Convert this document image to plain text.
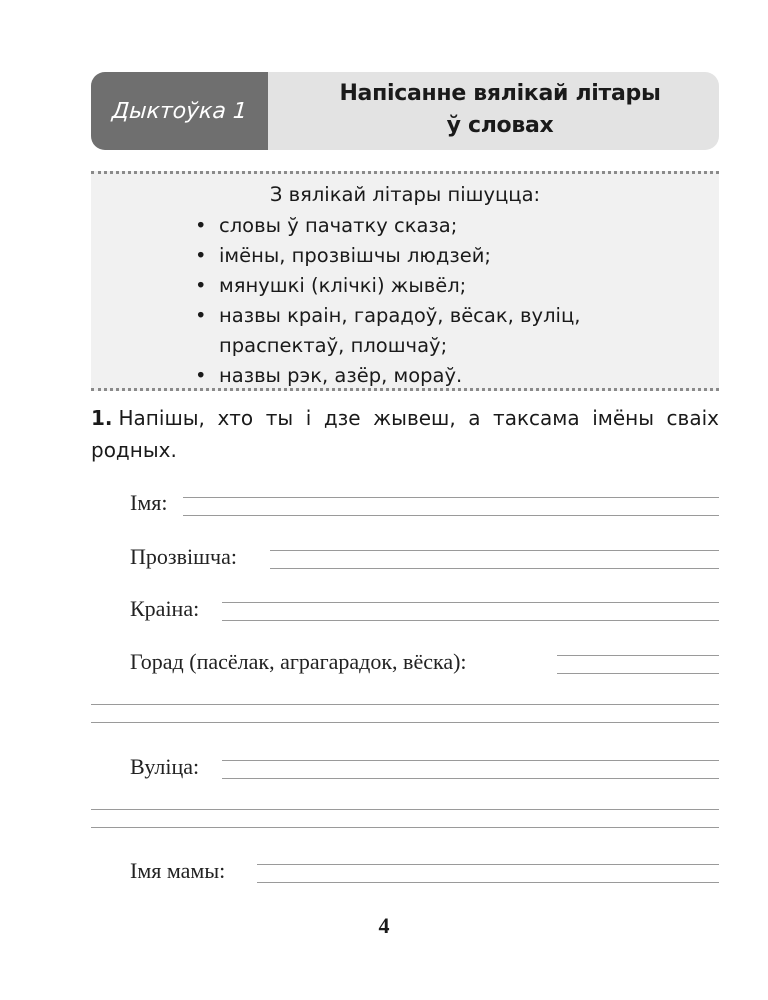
Дыктоўка 1
Напісанне вялікай літары
ў словах
З вялікай літары пішуцца:
• словы ў пачатку сказа;
• імёны, прозвішчы людзей;
• мянушкі (клічкі) жывёл;
• назвы краін, гарадоў, вёсак, вуліц, праспектаў, плошчаў;
• назвы рэк, азёр, мораў.
1. Напішы, хто ты і дзе жывеш, а таксама імёны сваіх родных.
Імя:
Прозвішча:
Краіна:
Горад (пасёлак, аграгарадок, вёска):
Вуліца:
Імя мамы:
4
